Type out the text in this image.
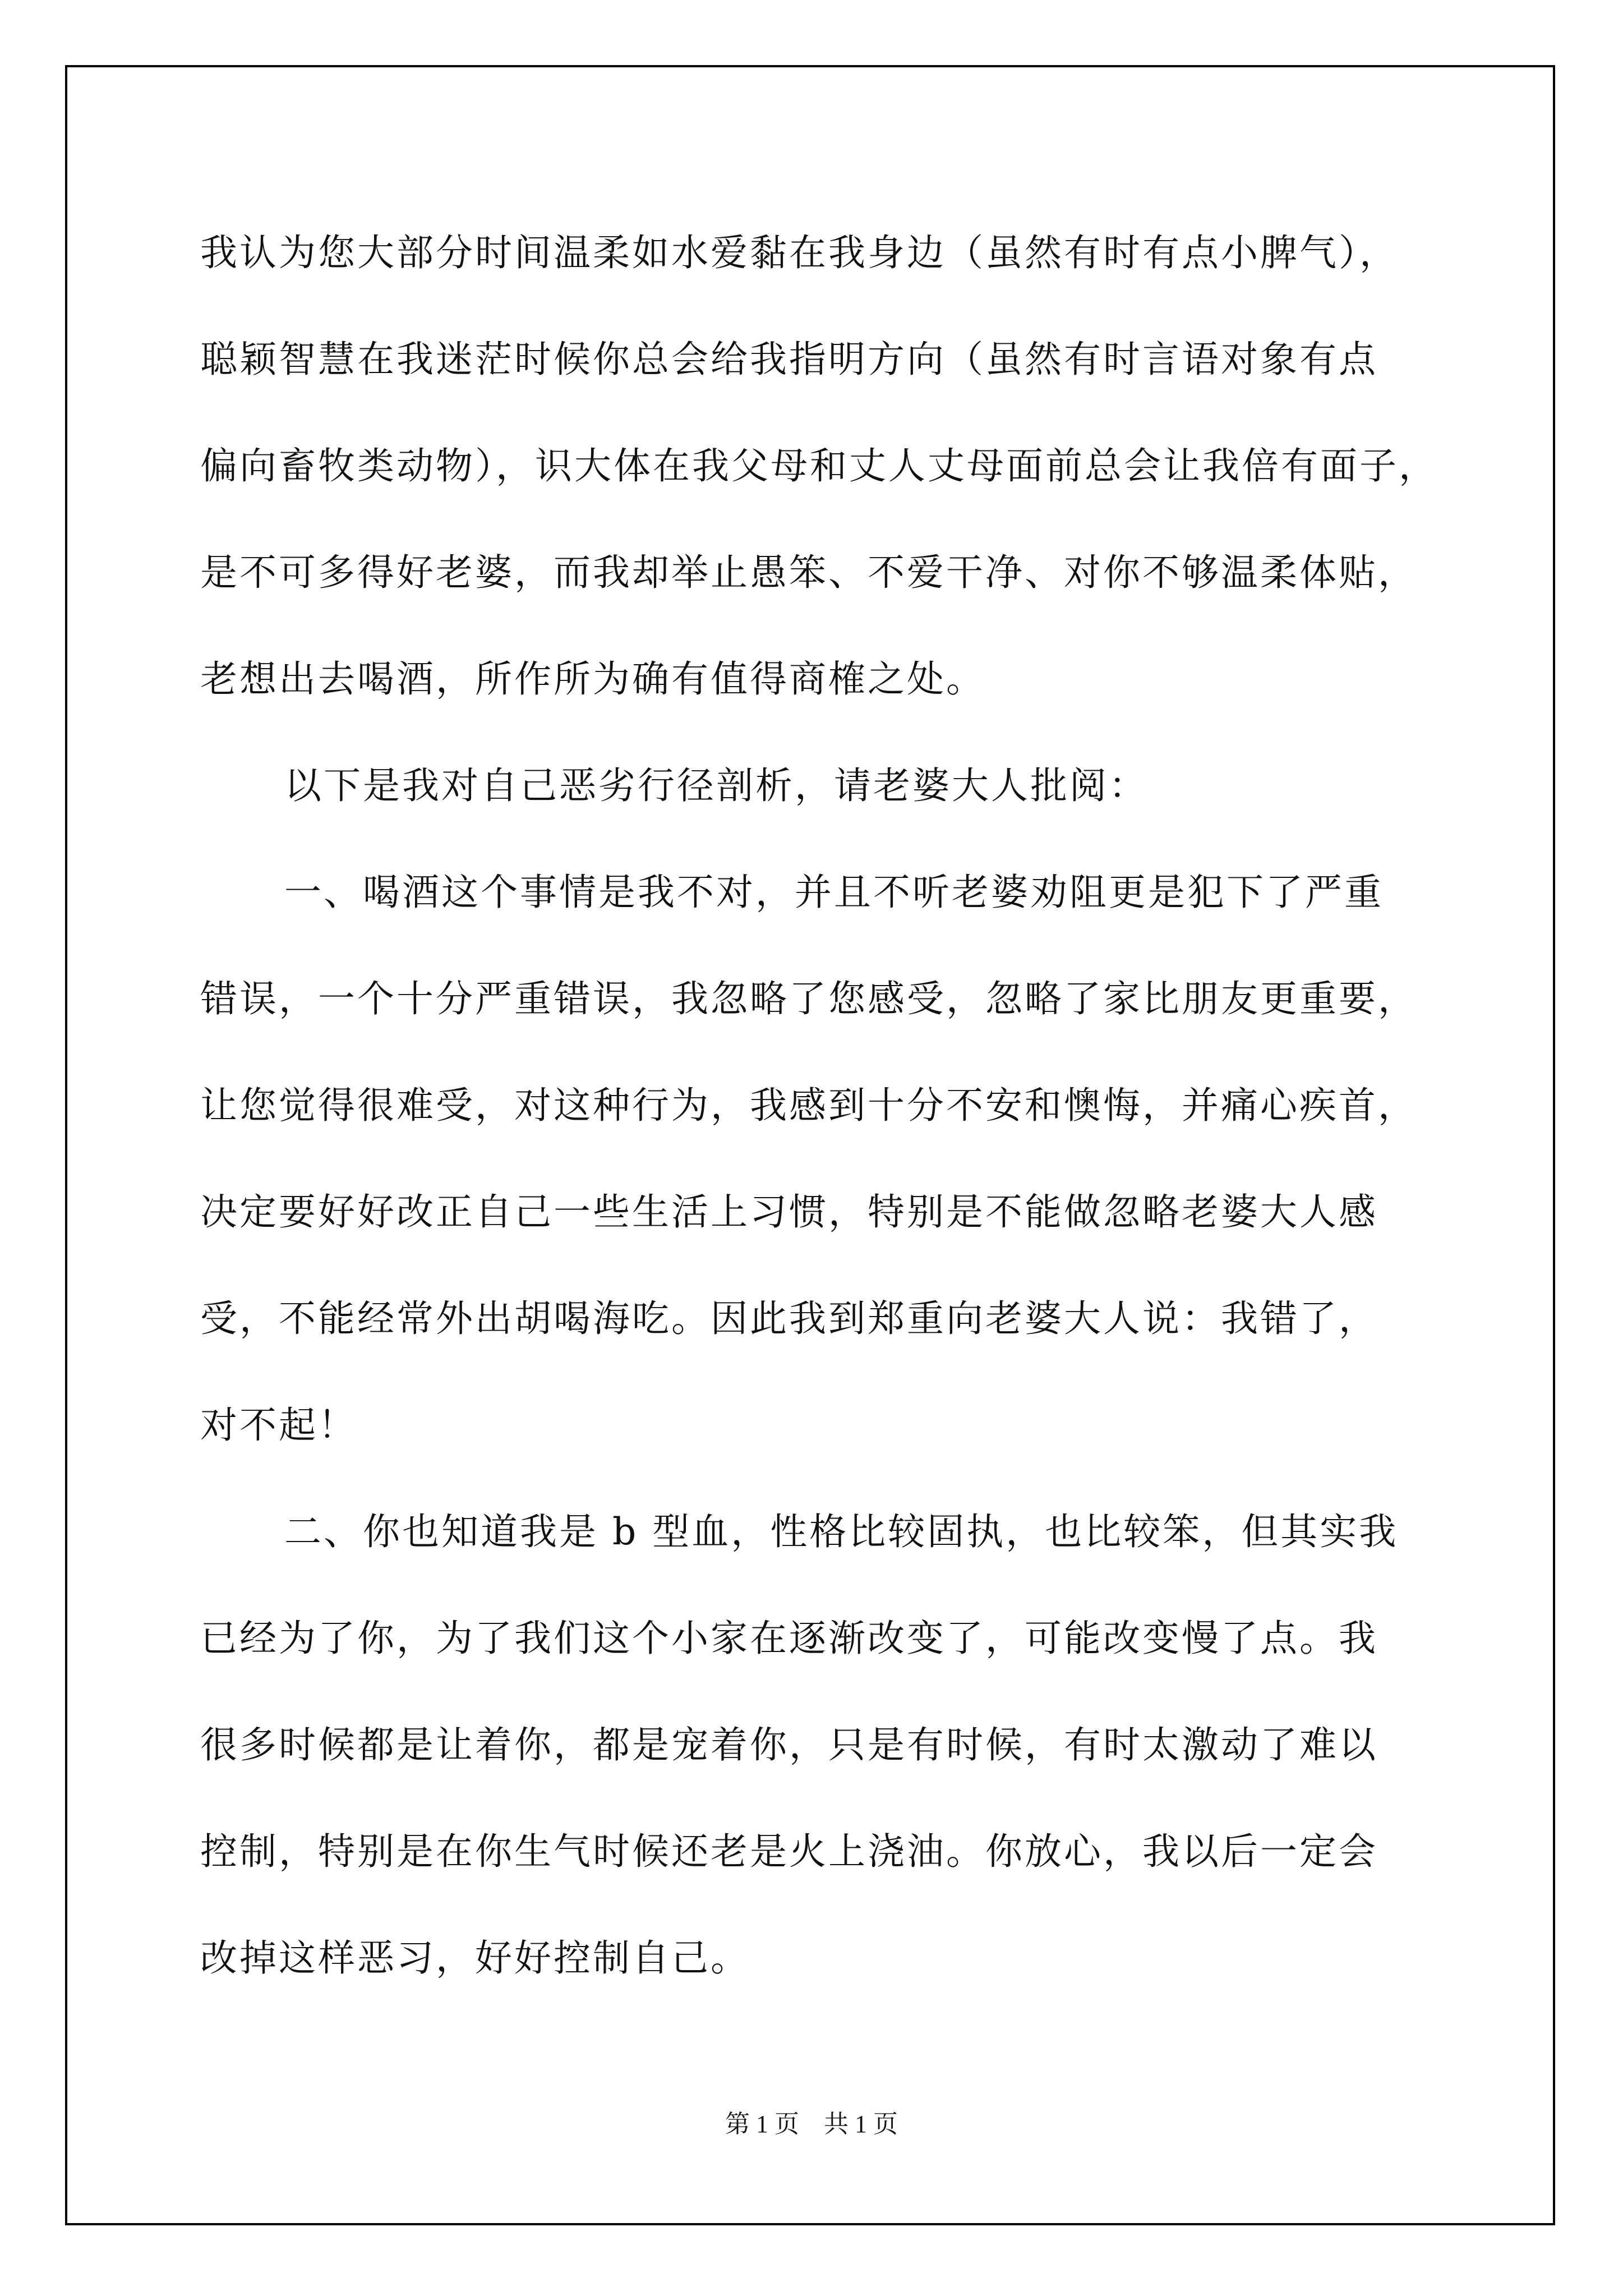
我认为您大部分时间温柔如水爱黏在我身边（虽然有时有点小脾气），
聪颖智慧在我迷茫时候你总会给我指明方向（虽然有时言语对象有点
偏向畜牧类动物），识大体在我父母和丈人丈母面前总会让我倍有面子，
是不可多得好老婆，而我却举止愚笨、不爱干净、对你不够温柔体贴，
老想出去喝酒，所作所为确有值得商榷之处。
以下是我对自己恶劣行径剖析，请老婆大人批阅：
一、喝酒这个事情是我不对，并且不听老婆劝阻更是犯下了严重
错误，一个十分严重错误，我忽略了您感受，忽略了家比朋友更重要，
让您觉得很难受，对这种行为，我感到十分不安和懊悔，并痛心疾首，
决定要好好改正自己一些生活上习惯，特别是不能做忽略老婆大人感
受，不能经常外出胡喝海吃。因此我到郑重向老婆大人说：我错了，
对不起！
二、你也知道我是 b 型血，性格比较固执，也比较笨，但其实我
已经为了你，为了我们这个小家在逐渐改变了，可能改变慢了点。我
很多时候都是让着你，都是宠着你，只是有时候，有时太激动了难以
控制，特别是在你生气时候还老是火上浇油。你放心，我以后一定会
改掉这样恶习，好好控制自己。
第 1 页 共 1 页
